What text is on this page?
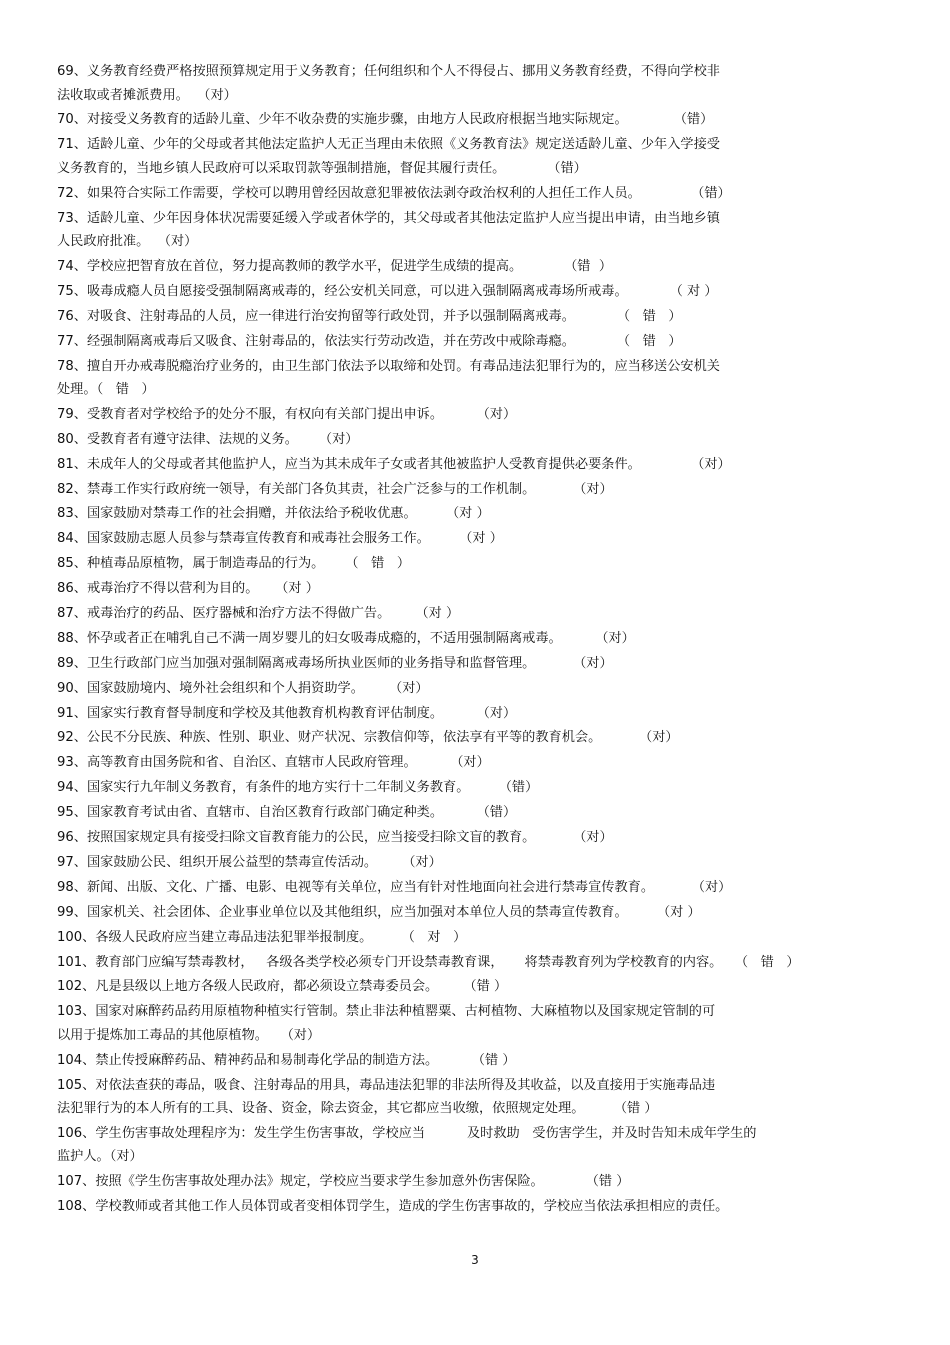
69、义务教育经费严格按照预算规定用于义务教育；任何组织和个人不得侵占、挪用义务教育经费，不得向学校非
法收取或者摊派费用。  （对）
70、对接受义务教育的适龄儿童、少年不收杂费的实施步骤，由地方人民政府根据当地实际规定。           （错）
71、适龄儿童、少年的父母或者其他法定监护人无正当理由未依照《义务教育法》规定送适龄儿童、少年入学接受
义务教育的，当地乡镇人民政府可以采取罚款等强制措施，督促其履行责任。          （错）
72、如果符合实际工作需要，学校可以聘用曾经因故意犯罪被依法剥夺政治权利的人担任工作人员。            （错）
73、适龄儿童、少年因身体状况需要延缓入学或者休学的，其父母或者其他法定监护人应当提出申请，由当地乡镇
人民政府批准。  （对）
74、学校应把智育放在首位，努力提高教师的教学水平，促进学生成绩的提高。          （错  ）
75、吸毒成瘾人员自愿接受强制隔离戒毒的，经公安机关同意，可以进入强制隔离戒毒场所戒毒。          （ 对 ）
76、对吸食、注射毒品的人员，应一律进行治安拘留等行政处罚，并予以强制隔离戒毒。          （   错   ）
77、经强制隔离戒毒后又吸食、注射毒品的，依法实行劳动改造，并在劳改中戒除毒瘾。          （   错   ）
78、擅自开办戒毒脱瘾治疗业务的，由卫生部门依法予以取缔和处罚。有毒品违法犯罪行为的，应当移送公安机关
处理。（   错   ）
79、受教育者对学校给予的处分不服，有权向有关部门提出申诉。        （对）
80、受教育者有遵守法律、法规的义务。     （对）
81、未成年人的父母或者其他监护人，应当为其未成年子女或者其他被监护人受教育提供必要条件。            （对）
82、禁毒工作实行政府统一领导，有关部门各负其责，社会广泛参与的工作机制。         （对）
83、国家鼓励对禁毒工作的社会捐赠，并依法给予税收优惠。       （对 ）
84、国家鼓励志愿人员参与禁毒宣传教育和戒毒社会服务工作。       （对 ）
85、种植毒品原植物，属于制造毒品的行为。     （   错   ）
86、戒毒治疗不得以营利为目的。    （对 ）
87、戒毒治疗的药品、医疗器械和治疗方法不得做广告。      （对 ）
88、怀孕或者正在哺乳自己不满一周岁婴儿的妇女吸毒成瘾的，不适用强制隔离戒毒。        （对）
89、卫生行政部门应当加强对强制隔离戒毒场所执业医师的业务指导和监督管理。         （对）
90、国家鼓励境内、境外社会组织和个人捐资助学。      （对）
91、国家实行教育督导制度和学校及其他教育机构教育评估制度。        （对）
92、公民不分民族、种族、性别、职业、财产状况、宗教信仰等，依法享有平等的教育机会。         （对）
93、高等教育由国务院和省、自治区、直辖市人民政府管理。        （对）
94、国家实行九年制义务教育，有条件的地方实行十二年制义务教育。       （错）
95、国家教育考试由省、直辖市、自治区教育行政部门确定种类。        （错）
96、按照国家规定具有接受扫除文盲教育能力的公民，应当接受扫除文盲的教育。         （对）
97、国家鼓励公民、组织开展公益型的禁毒宣传活动。      （对）
98、新闻、出版、文化、广播、电影、电视等有关单位，应当有针对性地面向社会进行禁毒宣传教育。         （对）
99、国家机关、社会团体、企业事业单位以及其他组织，应当加强对本单位人员的禁毒宣传教育。       （对 ）
100、各级人民政府应当建立毒品违法犯罪举报制度。       （   对   ）
101、教育部门应编写禁毒教材，   各级各类学校必须专门开设禁毒教育课，     将禁毒教育列为学校教育的内容。   （   错   ）
102、凡是县级以上地方各级人民政府，都必须设立禁毒委员会。      （错 ）
103、国家对麻醉药品药用原植物种植实行管制。禁止非法种植罂粟、古柯植物、大麻植物以及国家规定管制的可
以用于提炼加工毒品的其他原植物。   （对）
104、禁止传授麻醉药品、精神药品和易制毒化学品的制造方法。        （错 ）
105、对依法查获的毒品，吸食、注射毒品的用具，毒品违法犯罪的非法所得及其收益，以及直接用于实施毒品违
法犯罪行为的本人所有的工具、设备、资金，除去资金，其它都应当收缴，依照规定处理。       （错 ）
106、学生伤害事故处理程序为：发生学生伤害事故，学校应当          及时救助   受伤害学生，并及时告知未成年学生的
监护人。（对）
107、按照《学生伤害事故处理办法》规定，学校应当要求学生参加意外伤害保险。          （错 ）
108、学校教师或者其他工作人员体罚或者变相体罚学生，造成的学生伤害事故的，学校应当依法承担相应的责任。
3
